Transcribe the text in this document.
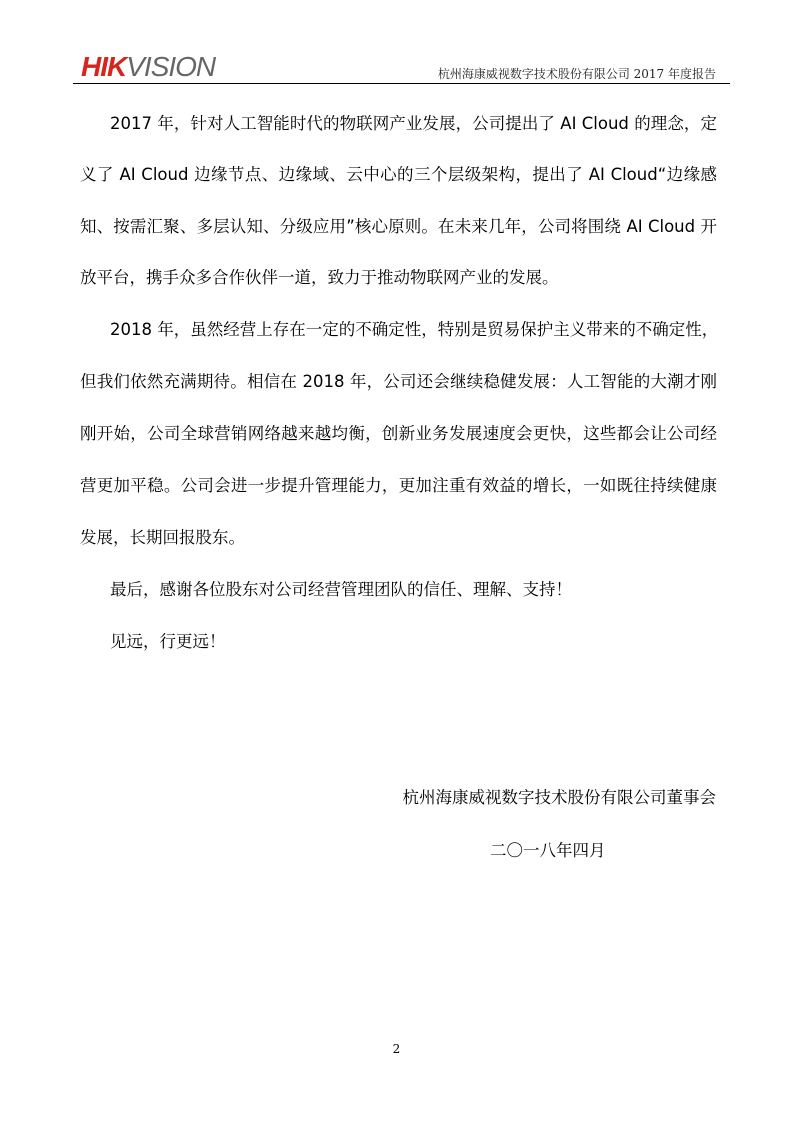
HIKVISION	杭州海康威视数字技术股份有限公司 2017 年度报告
2017 年，针对人工智能时代的物联网产业发展，公司提出了 AI Cloud 的理念，定
义了 AI Cloud 边缘节点、边缘域、云中心的三个层级架构，提出了 AI Cloud“边缘感
知、按需汇聚、多层认知、分级应用”核心原则。在未来几年，公司将围绕 AI Cloud 开
放平台，携手众多合作伙伴一道，致力于推动物联网产业的发展。
2018 年，虽然经营上存在一定的不确定性，特别是贸易保护主义带来的不确定性，
但我们依然充满期待。相信在 2018 年，公司还会继续稳健发展：人工智能的大潮才刚
刚开始，公司全球营销网络越来越均衡，创新业务发展速度会更快，这些都会让公司经
营更加平稳。公司会进一步提升管理能力，更加注重有效益的增长，一如既往持续健康
发展，长期回报股东。
最后，感谢各位股东对公司经营管理团队的信任、理解、支持！
见远，行更远！
杭州海康威视数字技术股份有限公司董事会
二〇一八年四月
2
